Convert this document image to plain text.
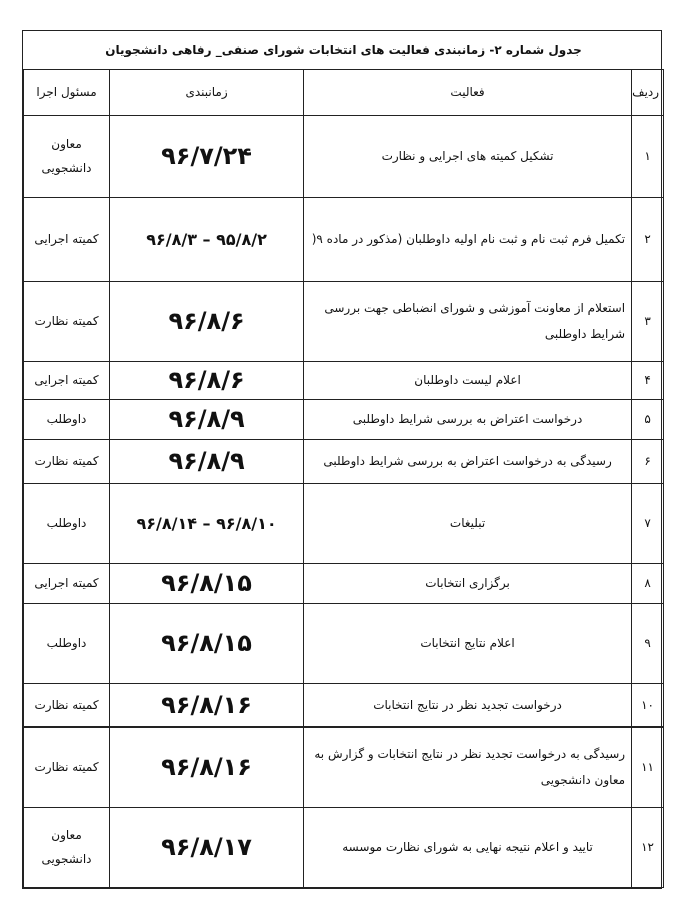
جدول شماره ۲- زمانبندی فعالیت های انتخابات شورای صنفی_ رفاهی دانشجویان			
ردیف	فعالیت	زمانبندی	مسئول اجرا
۱	تشکیل کمیته های اجرایی و نظارت	۹۶/۷/۲۴	معاون دانشجویی
۲	تکمیل فرم ثبت نام و ثبت نام اولیه داوطلبان (مذکور در ماده ۹(	۹۶/۸/۳ – ۹۵/۸/۲	کمیته اجرایی
۳	استعلام از معاونت آموزشی و شورای انضباطی جهت بررسی شرایط داوطلبی	۹۶/۸/۶	کمیته نظارت
۴	اعلام لیست داوطلبان	۹۶/۸/۶	کمیته اجرایی
۵	درخواست اعتراض به بررسی شرایط داوطلبی	۹۶/۸/۹	داوطلب
۶	رسیدگی به درخواست اعتراض به بررسی شرایط داوطلبی	۹۶/۸/۹	کمیته نظارت
۷	تبلیغات	۹۶/۸/۱۴ – ۹۶/۸/۱۰	داوطلب
۸	برگزاری انتخابات	۹۶/۸/۱۵	کمیته اجرایی
۹	اعلام نتایج انتخابات	۹۶/۸/۱۵	داوطلب
۱۰	درخواست تجدید نظر در نتایج انتخابات	۹۶/۸/۱۶	کمیته نظارت
۱۱	رسیدگی به درخواست تجدید نظر در نتایج انتخابات و گزارش به معاون دانشجویی	۹۶/۸/۱۶	کمیته نظارت
۱۲	تایید و اعلام نتیجه نهایی به شورای نظارت موسسه	۹۶/۸/۱۷	معاون دانشجویی
